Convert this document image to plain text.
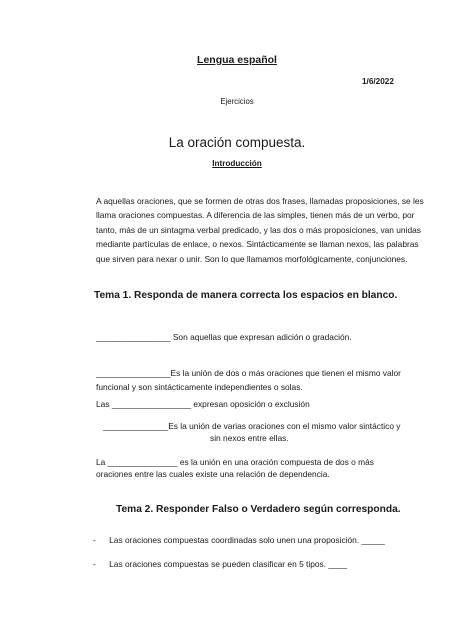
Lengua español
1/6/2022
Ejercicios
La oración compuesta.
Introducción
A aquellas oraciones, que se formen de otras dos frases, llamadas proposiciones, se les
llama oraciones compuestas. A diferencia de las simples, tienen más de un verbo, por
tanto, más de un sintagma verbal predicado, y las dos o más proposiciones, van unidas
mediante partículas de enlace, o nexos. Sintácticamente se llaman nexos, las palabras
que sirven para nexar o unir. Son lo que llamamos morfológicamente, conjunciones.
Tema 1. Responda de manera correcta los espacios en blanco.
________________ Son aquellas que expresan adición o gradación.
________________Es la unión de dos o más oraciones que tienen el mismo valor
funcional y son sintácticamente independientes o solas.
Las _________________ expresan oposición o exclusión
______________Es la unión de varias oraciones con el mismo valor sintáctico y
sin nexos entre ellas.
La _______________ es la unión en una oración compuesta de dos o más
oraciones entre las cuales existe una relación de dependencia.
Tema 2. Responder Falso o Verdadero según corresponda.
- Las oraciones compuestas coordinadas solo unen una proposición. _____
- Las oraciones compuestas se pueden clasificar en 5 tipos. ____
